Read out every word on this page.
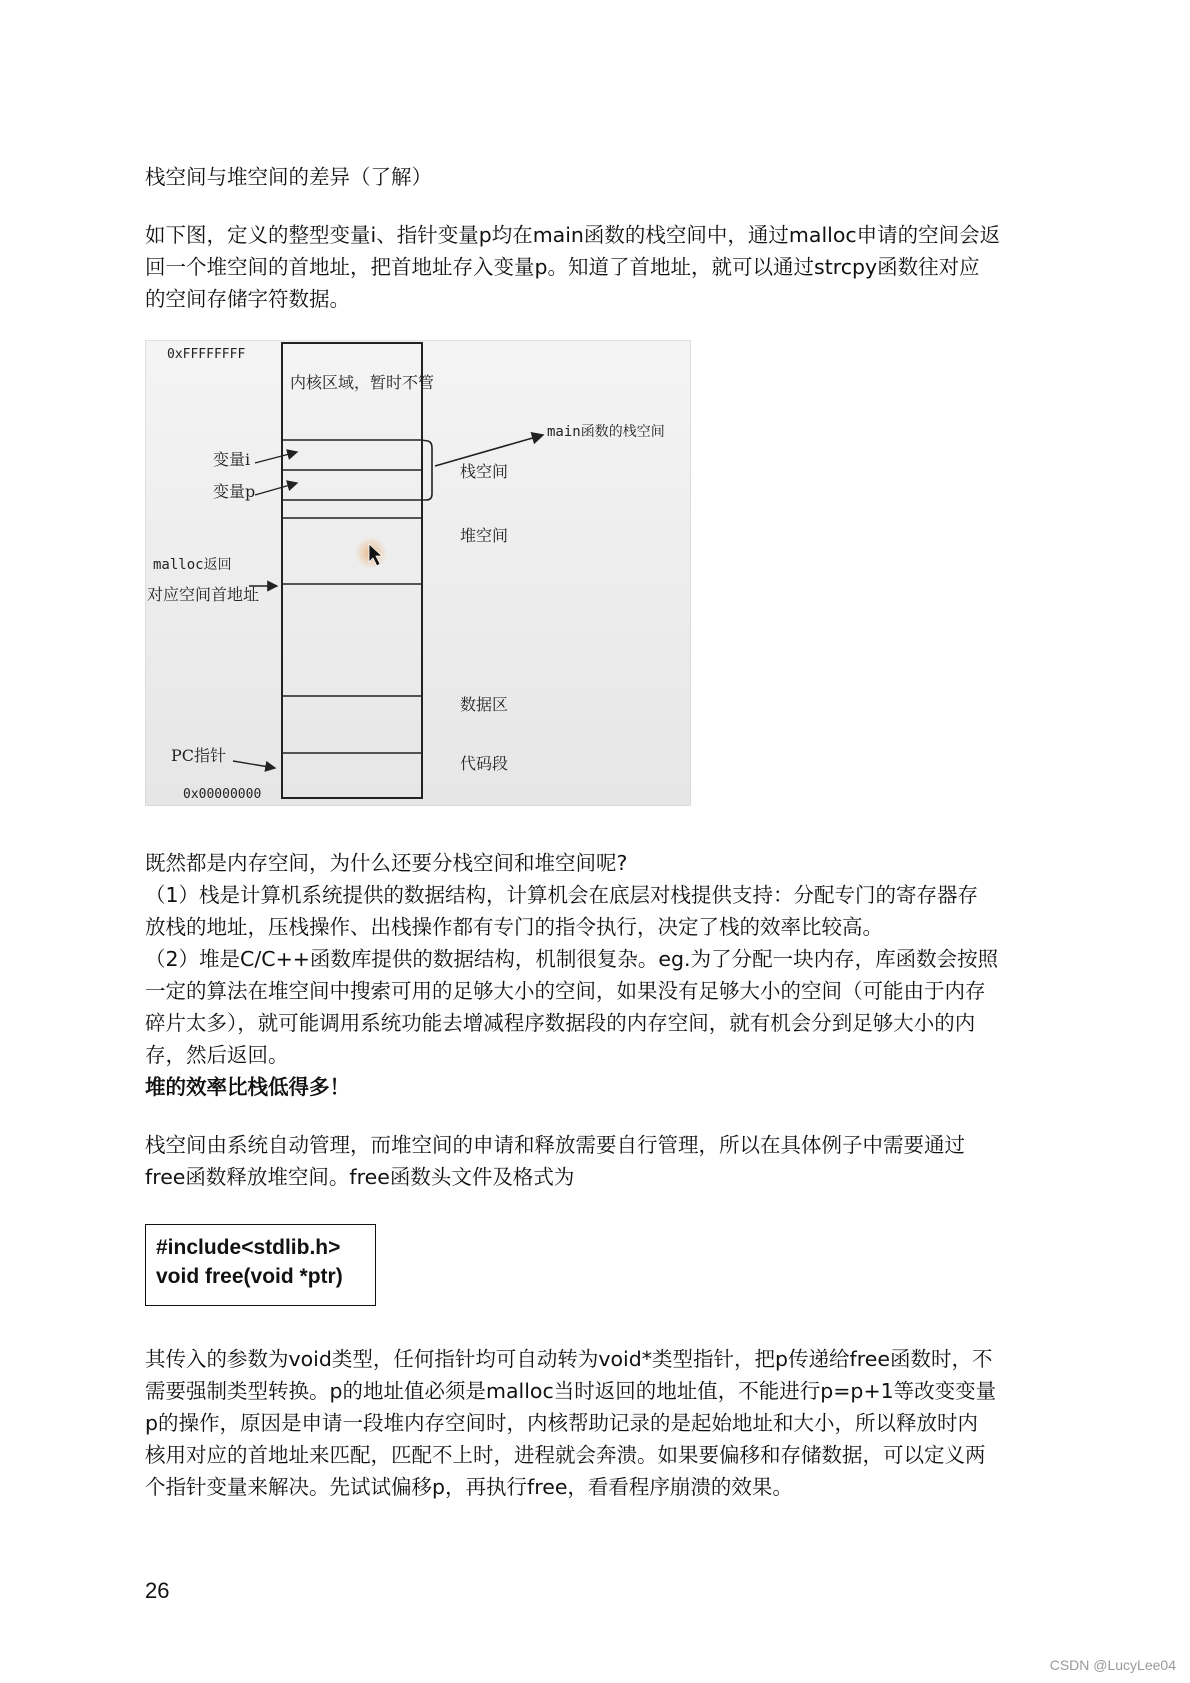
栈空间与堆空间的差异（了解）

如下图，定义的整型变量i、指针变量p均在main函数的栈空间中，通过malloc申请的空间会返

回一个堆空间的首地址，把首地址存入变量p。知道了首地址，就可以通过strcpy函数往对应

的空间存储字符数据。

0xFFFFFFFF
内核区域，暂时不管
main函数的栈空间
变量i
变量p
栈空间
堆空间
malloc返回
对应空间首地址
数据区
PC指针	代码段
0x00000000

既然都是内存空间，为什么还要分栈空间和堆空间呢?

（1）栈是计算机系统提供的数据结构，计算机会在底层对栈提供支持：分配专门的寄存器存

放栈的地址，压栈操作、出栈操作都有专门的指令执行，决定了栈的效率比较高。

（2）堆是C/C++函数库提供的数据结构，机制很复杂。eg.为了分配一块内存，库函数会按照

一定的算法在堆空间中搜索可用的足够大小的空间，如果没有足够大小的空间（可能由于内存

碎片太多），就可能调用系统功能去增减程序数据段的内存空间，就有机会分到足够大小的内

存，然后返回。

堆的效率比栈低得多！

栈空间由系统自动管理，而堆空间的申请和释放需要自行管理，所以在具体例子中需要通过

free函数释放堆空间。free函数头文件及格式为

#include<stdlib.h>
void free(void *ptr)

其传入的参数为void类型，任何指针均可自动转为void*类型指针，把p传递给free函数时，不

需要强制类型转换。p的地址值必须是malloc当时返回的地址值，不能进行p=p+1等改变变量

p的操作，原因是申请一段堆内存空间时，内核帮助记录的是起始地址和大小，所以释放时内

核用对应的首地址来匹配，匹配不上时，进程就会奔溃。如果要偏移和存储数据，可以定义两

个指针变量来解决。先试试偏移p，再执行free，看看程序崩溃的效果。

26
CSDN @LucyLee04
